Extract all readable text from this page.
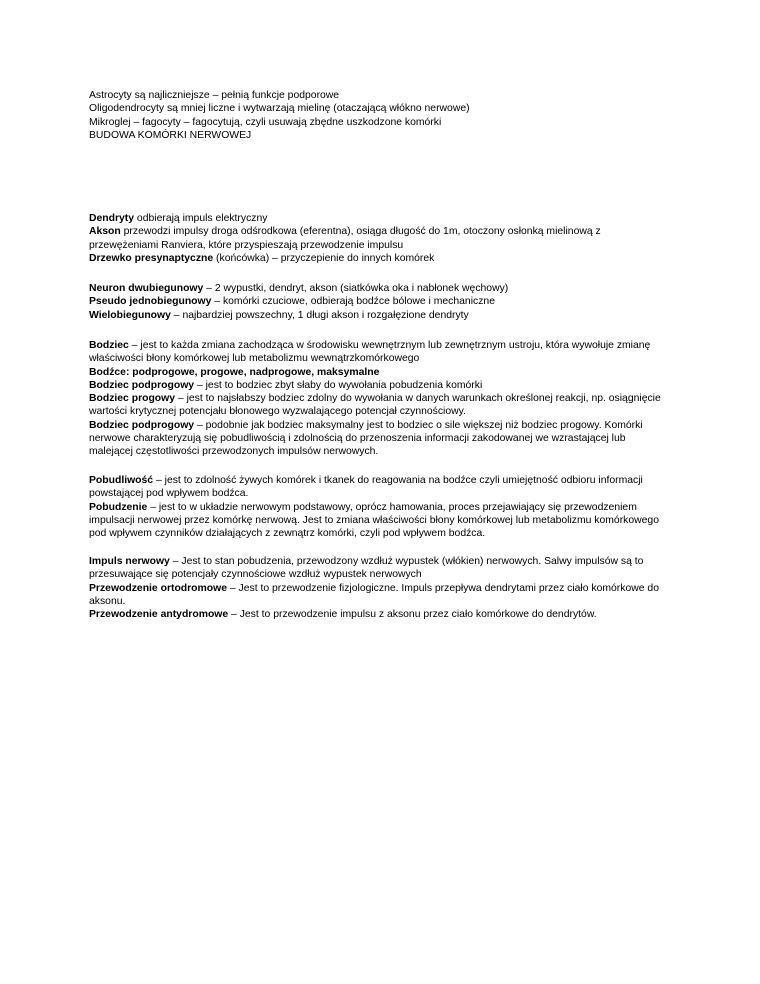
Astrocyty są najliczniejsze – pełnią funkcje podporowe

Oligodendrocyty są mniej liczne i wytwarzają mielinę (otaczającą włókno nerwowe)

Mikroglej – fagocyty – fagocytują, czyli usuwają zbędne uszkodzone komórki

BUDOWA KOMÓRKI NERWOWEJ

Dendryty odbierają impuls elektryczny

Akson przewodzi impulsy droga odśrodkowa (eferentna), osiąga długość do 1m, otoczony osłonką mielinową z przewężeniami Ranviera, które przyspieszają przewodzenie impulsu

Drzewko presynaptyczne (końcówka) – przyczepienie do innych komórek

Neuron dwubiegunowy – 2 wypustki, dendryt, akson (siatkówka oka i nabłonek węchowy)

Pseudo jednobiegunowy – komórki czuciowe, odbierają bodźce bólowe i mechaniczne

Wielobiegunowy – najbardziej powszechny, 1 długi akson i rozgałęzione dendryty

Bodziec – jest to każda zmiana zachodząca w środowisku wewnętrznym lub zewnętrznym ustroju, która wywołuje zmianę właściwości błony komórkowej lub metabolizmu wewnątrzkomórkowego

Bodźce: podprogowe, progowe, nadprogowe, maksymalne

Bodziec podprogowy – jest to bodziec zbyt słaby do wywołania pobudzenia komórki

Bodziec progowy – jest to najsłabszy bodziec zdolny do wywołania w danych warunkach określonej reakcji, np. osiągnięcie wartości krytycznej potencjału błonowego wyzwalającego potencjał czynnościowy.

Bodziec podprogowy – podobnie jak bodziec maksymalny jest to bodziec o sile większej niż bodziec progowy. Komórki nerwowe charakteryzują się pobudliwością i zdolnością do przenoszenia informacji zakodowanej we wzrastającej lub malejącej częstotliwości przewodzonych impulsów nerwowych.

Pobudliwość – jest to zdolność żywych komórek i tkanek do reagowania na bodźce czyli umiejętność odbioru informacji powstającej pod wpływem bodźca.

Pobudzenie – jest to w układzie nerwowym podstawowy, oprócz hamowania, proces przejawiający się przewodzeniem impulsacji nerwowej przez komórkę nerwową. Jest to zmiana właściwości błony komórkowej lub metabolizmu komórkowego pod wpływem czynników działających z zewnątrz komórki, czyli pod wpływem bodźca.

Impuls nerwowy – Jest to stan pobudzenia, przewodzony wzdłuż wypustek (włókien) nerwowych. Salwy impulsów są to przesuwające się potencjały czynnościowe wzdłuż wypustek nerwowych

Przewodzenie ortodromowe – Jest to przewodzenie fizjologiczne. Impuls przepływa dendrytami przez ciało komórkowe do aksonu.

Przewodzenie antydromowe – Jest to przewodzenie impulsu z aksonu przez ciało komórkowe do dendrytów.
